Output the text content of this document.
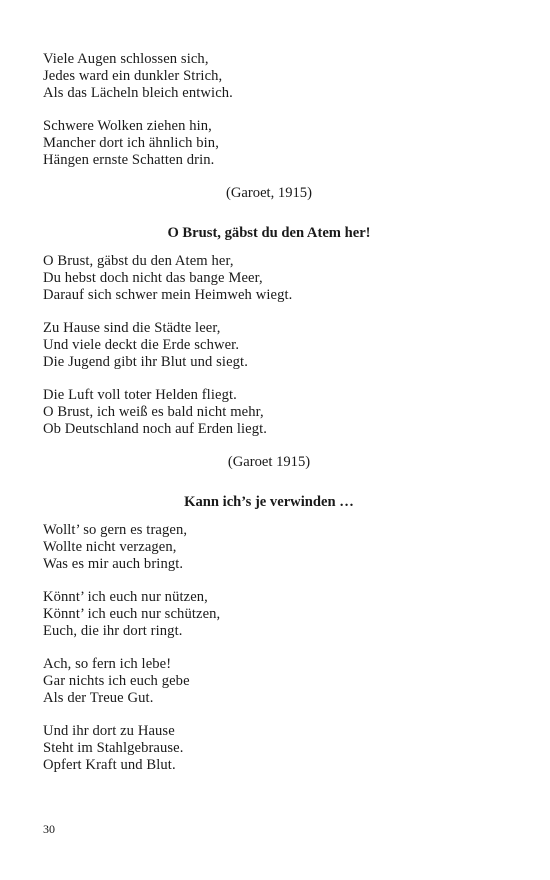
Viele Augen schlossen sich,
Jedes ward ein dunkler Strich,
Als das Lächeln bleich entwich.
Schwere Wolken ziehen hin,
Mancher dort ich ähnlich bin,
Hängen ernste Schatten drin.
(Garoet, 1915)
O Brust, gäbst du den Atem her!
O Brust, gäbst du den Atem her,
Du hebst doch nicht das bange Meer,
Darauf sich schwer mein Heimweh wiegt.
Zu Hause sind die Städte leer,
Und viele deckt die Erde schwer.
Die Jugend gibt ihr Blut und siegt.
Die Luft voll toter Helden fliegt.
O Brust, ich weiß es bald nicht mehr,
Ob Deutschland noch auf Erden liegt.
(Garoet 1915)
Kann ich’s je verwinden …
Wollt’ so gern es tragen,
Wollte nicht verzagen,
Was es mir auch bringt.
Könnt’ ich euch nur nützen,
Könnt’ ich euch nur schützen,
Euch, die ihr dort ringt.
Ach, so fern ich lebe!
Gar nichts ich euch gebe
Als der Treue Gut.
Und ihr dort zu Hause
Steht im Stahlgebrause.
Opfert Kraft und Blut.
30
